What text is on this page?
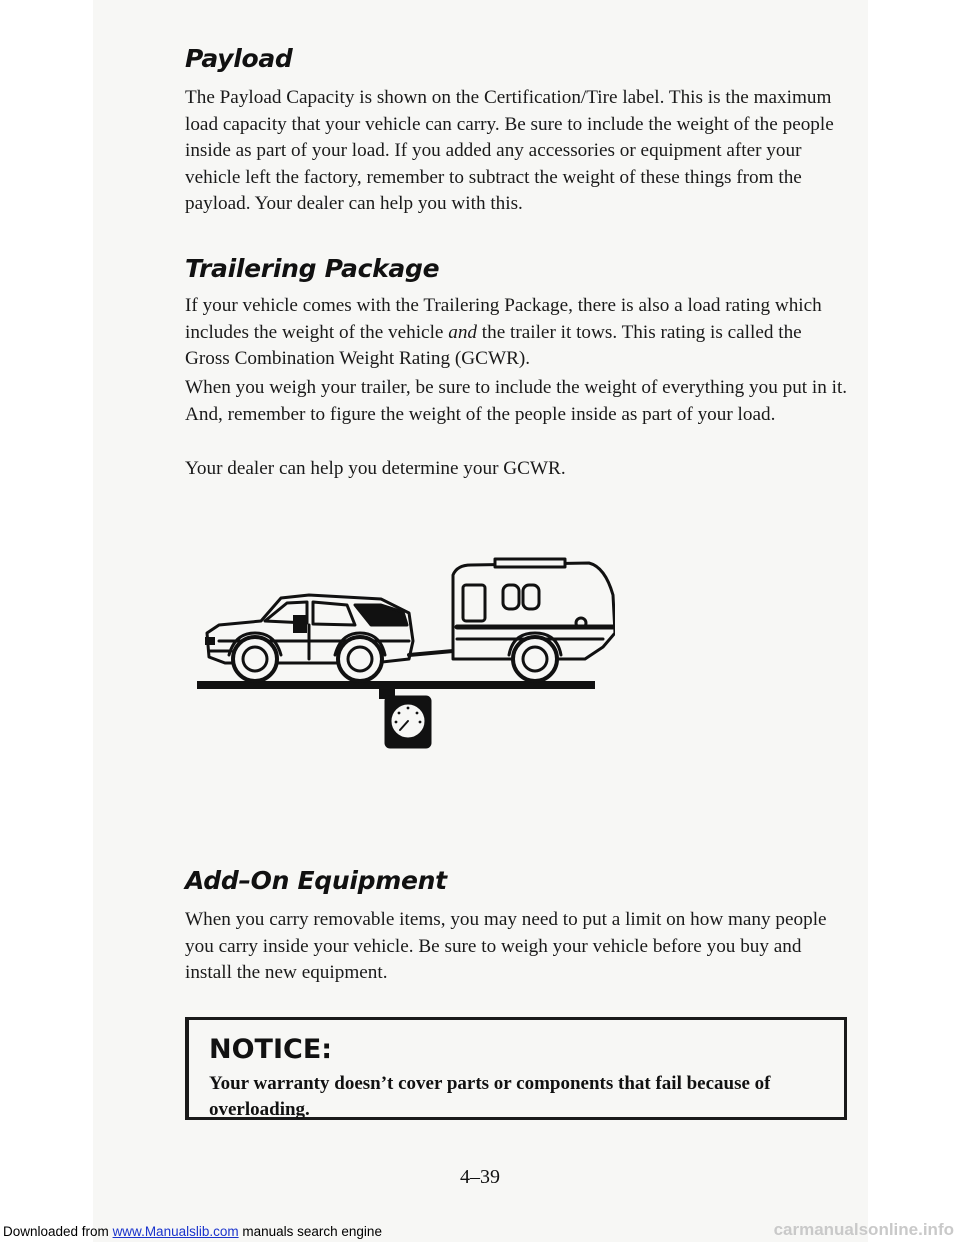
Payload

The Payload Capacity is shown on the Certification/Tire label. This is the maximum load capacity that your vehicle can carry. Be sure to include the weight of the people inside as part of your load. If you added any accessories or equipment after your vehicle left the factory, remember to subtract the weight of these things from the payload. Your dealer can help you with this.

Trailering Package

If your vehicle comes with the Trailering Package, there is also a load rating which includes the weight of the vehicle and the trailer it tows. This rating is called the Gross Combination Weight Rating (GCWR).

When you weigh your trailer, be sure to include the weight of everything you put in it. And, remember to figure the weight of the people inside as part of your load.

Your dealer can help you determine your GCWR.

Add–On Equipment

When you carry removable items, you may need to put a limit on how many people you carry inside your vehicle. Be sure to weigh your vehicle before you buy and install the new equipment.

NOTICE:
Your warranty doesn’t cover parts or components that fail because of overloading.
4–39
Downloaded from www.Manualslib.com manuals search engine	carmanualsonline.info
